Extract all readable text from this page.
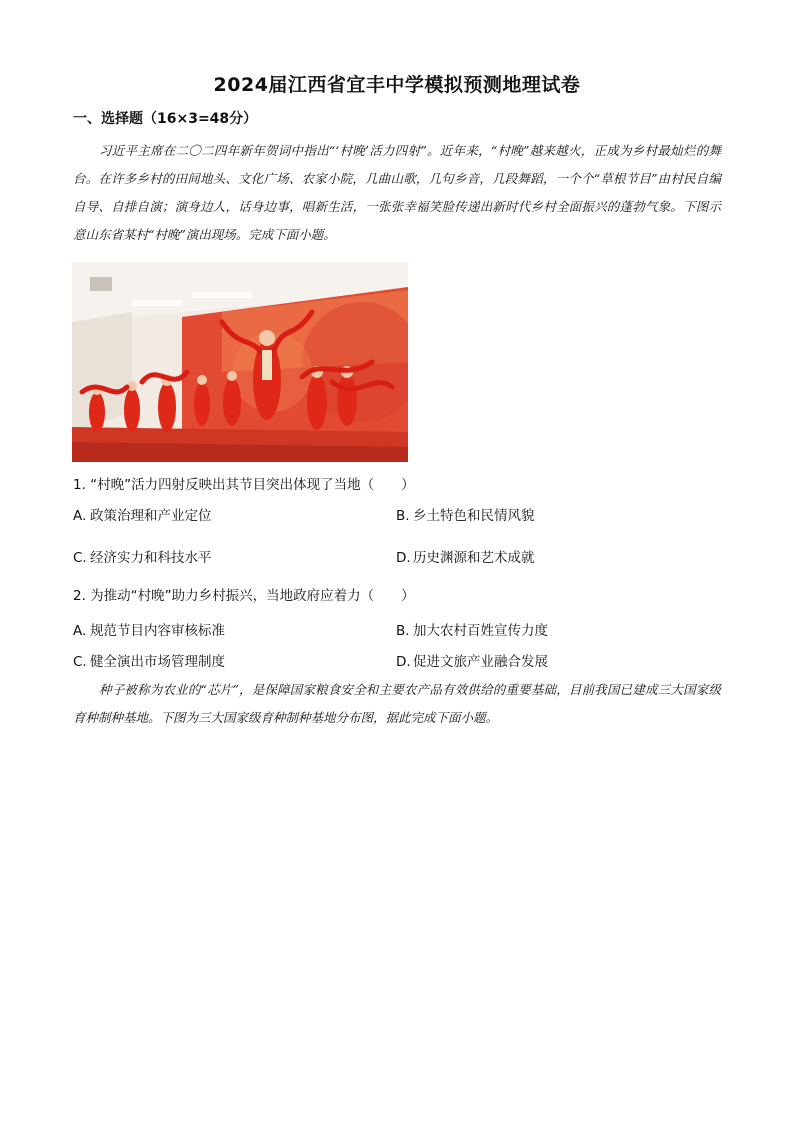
2024届江西省宜丰中学模拟预测地理试卷
一、选择题（16×3=48分）
习近平主席在二〇二四年新年贺词中指出“‘村晚’活力四射”。近年来，“村晚”越来越火，正成为乡村最灿烂的舞台。在许多乡村的田间地头、文化广场、农家小院，几曲山歌，几句乡音，几段舞蹈，一个个“草根节目”由村民自编自导、自排自演；演身边人，话身边事，唱新生活，一张张幸福笑脸传递出新时代乡村全面振兴的蓬勃气象。下图示意山东省某村“村晚”演出现场。完成下面小题。
1. “村晚”活力四射反映出其节目突出体现了当地（　　）
A. 政策治理和产业定位	B. 乡土特色和民情风貌
C. 经济实力和科技水平	D. 历史渊源和艺术成就
2. 为推动“村晚”助力乡村振兴，当地政府应着力（　　）
A. 规范节目内容审核标准	B. 加大农村百姓宣传力度
C. 健全演出市场管理制度	D. 促进文旅产业融合发展
种子被称为农业的“芯片”，是保障国家粮食安全和主要农产品有效供给的重要基础，目前我国已建成三大国家级育种制种基地。下图为三大国家级育种制种基地分布图，据此完成下面小题。
